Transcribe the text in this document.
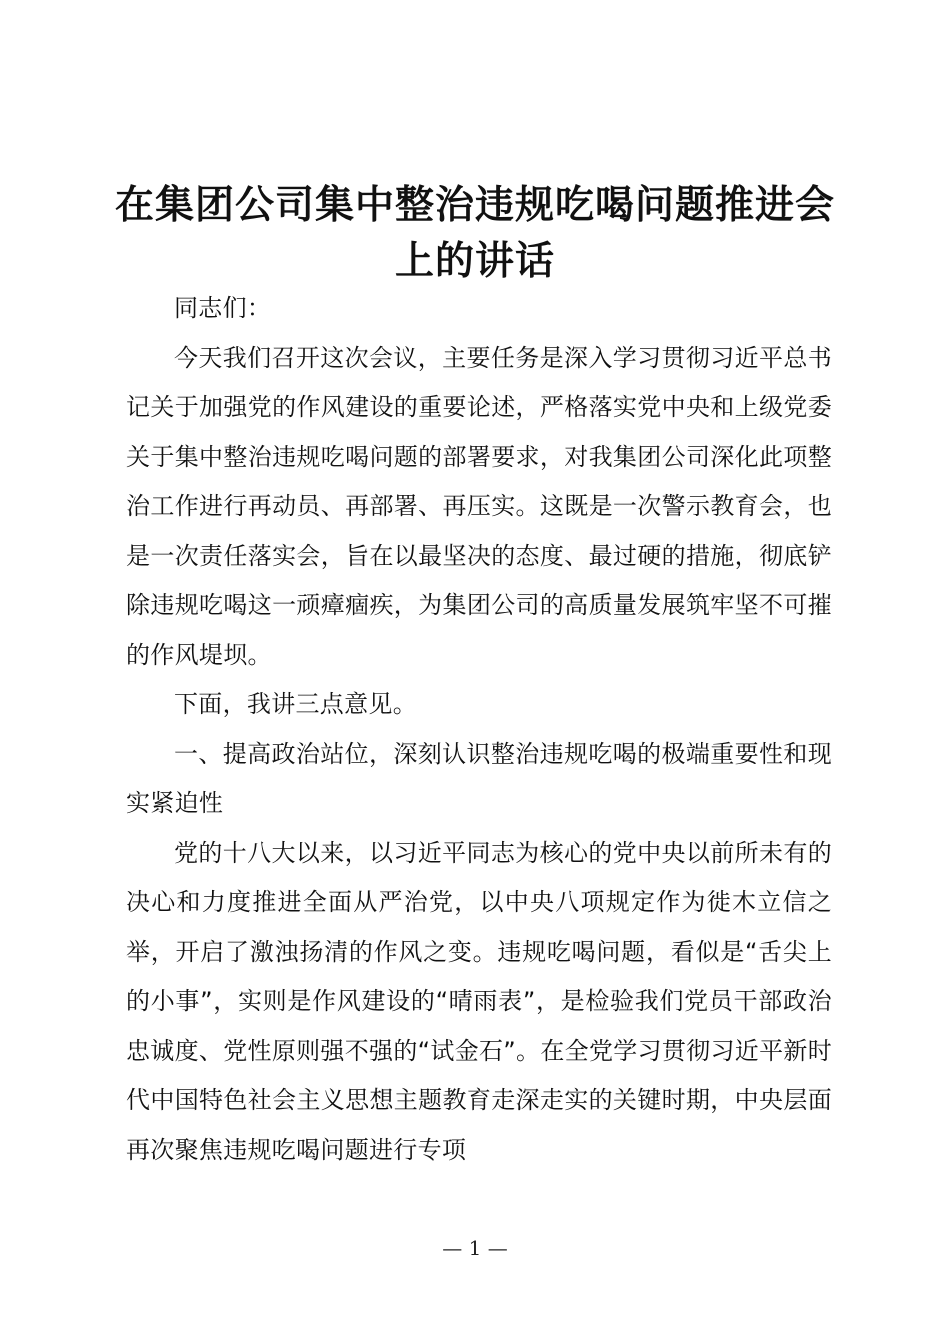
在集团公司集中整治违规吃喝问题推进会上的讲话

同志们：

今天我们召开这次会议，主要任务是深入学习贯彻习近平总书记关于加强党的作风建设的重要论述，严格落实党中央和上级党委关于集中整治违规吃喝问题的部署要求，对我集团公司深化此项整治工作进行再动员、再部署、再压实。这既是一次警示教育会，也是一次责任落实会，旨在以最坚决的态度、最过硬的措施，彻底铲除违规吃喝这一顽瘴痼疾，为集团公司的高质量发展筑牢坚不可摧的作风堤坝。

下面，我讲三点意见。

一、提高政治站位，深刻认识整治违规吃喝的极端重要性和现实紧迫性

党的十八大以来，以习近平同志为核心的党中央以前所未有的决心和力度推进全面从严治党，以中央八项规定作为徙木立信之举，开启了激浊扬清的作风之变。违规吃喝问题，看似是“舌尖上的小事”，实则是作风建设的“晴雨表”，是检验我们党员干部政治忠诚度、党性原则强不强的“试金石”。在全党学习贯彻习近平新时代中国特色社会主义思想主题教育走深走实的关键时期，中央层面再次聚焦违规吃喝问题进行专项

— 1 —
